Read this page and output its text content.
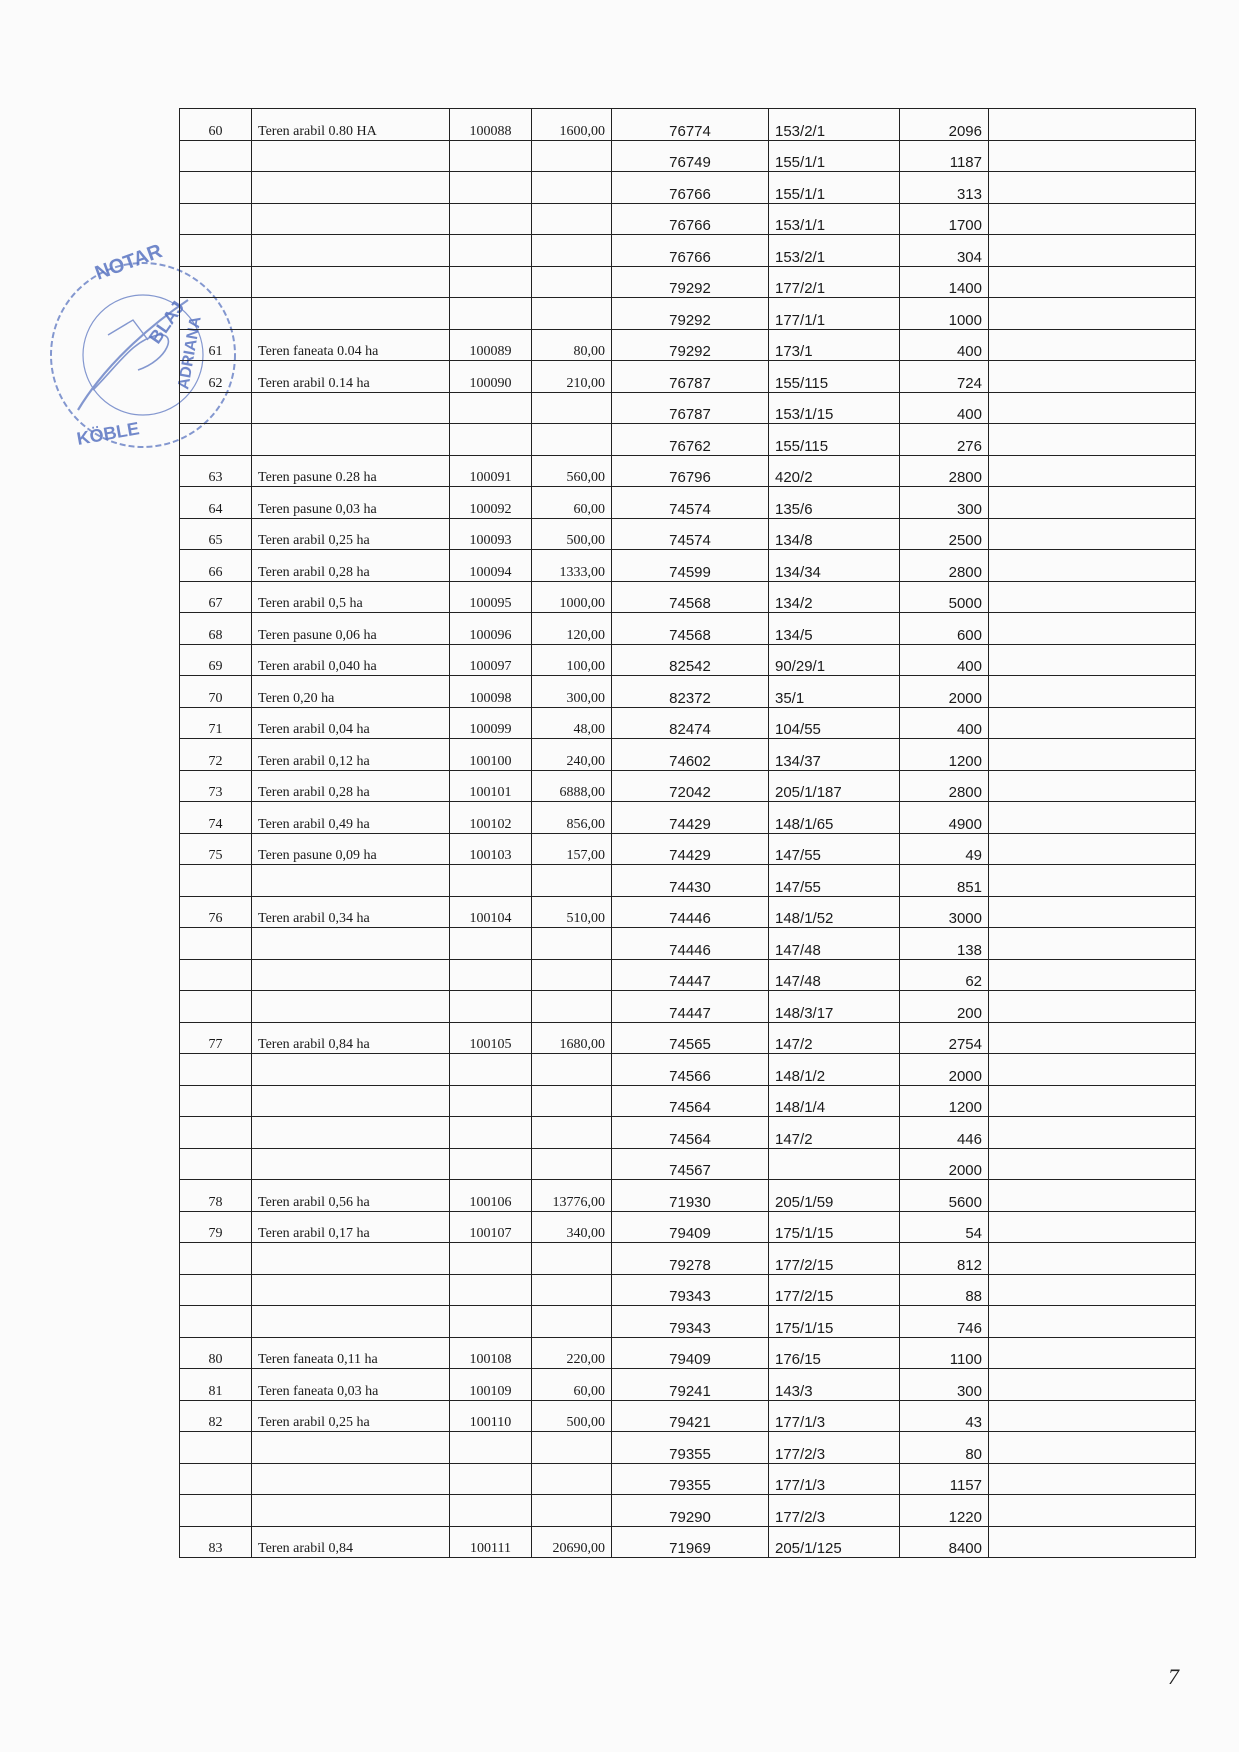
NOTAR
BLAJ
ADRIANA
KÖBLE
60	Teren arabil 0.80 HA	100088	1600,00	76774	153/2/1	2096	
				76749	155/1/1	1187	
				76766	155/1/1	313	
				76766	153/1/1	1700	
				76766	153/2/1	304	
				79292	177/2/1	1400	
				79292	177/1/1	1000	
61	Teren faneata 0.04 ha	100089	80,00	79292	173/1	400	
62	Teren arabil 0.14 ha	100090	210,00	76787	155/115	724	
				76787	153/1/15	400	
				76762	155/115	276	
63	Teren pasune 0.28 ha	100091	560,00	76796	420/2	2800	
64	Teren pasune 0,03 ha	100092	60,00	74574	135/6	300	
65	Teren arabil 0,25 ha	100093	500,00	74574	134/8	2500	
66	Teren arabil 0,28 ha	100094	1333,00	74599	134/34	2800	
67	Teren arabil 0,5 ha	100095	1000,00	74568	134/2	5000	
68	Teren pasune 0,06 ha	100096	120,00	74568	134/5	600	
69	Teren arabil 0,040 ha	100097	100,00	82542	90/29/1	400	
70	Teren 0,20 ha	100098	300,00	82372	35/1	2000	
71	Teren arabil 0,04 ha	100099	48,00	82474	104/55	400	
72	Teren arabil 0,12 ha	100100	240,00	74602	134/37	1200	
73	Teren arabil 0,28 ha	100101	6888,00	72042	205/1/187	2800	
74	Teren arabil 0,49 ha	100102	856,00	74429	148/1/65	4900	
75	Teren pasune 0,09 ha	100103	157,00	74429	147/55	49	
				74430	147/55	851	
76	Teren arabil 0,34 ha	100104	510,00	74446	148/1/52	3000	
				74446	147/48	138	
				74447	147/48	62	
				74447	148/3/17	200	
77	Teren arabil 0,84 ha	100105	1680,00	74565	147/2	2754	
				74566	148/1/2	2000	
				74564	148/1/4	1200	
				74564	147/2	446	
				74567		2000	
78	Teren arabil 0,56 ha	100106	13776,00	71930	205/1/59	5600	
79	Teren arabil 0,17 ha	100107	340,00	79409	175/1/15	54	
				79278	177/2/15	812	
				79343	177/2/15	88	
				79343	175/1/15	746	
80	Teren faneata 0,11 ha	100108	220,00	79409	176/15	1100	
81	Teren faneata 0,03 ha	100109	60,00	79241	143/3	300	
82	Teren arabil 0,25 ha	100110	500,00	79421	177/1/3	43	
				79355	177/2/3	80	
				79355	177/1/3	1157	
				79290	177/2/3	1220	
83	Teren arabil 0,84	100111	20690,00	71969	205/1/125	8400	
7
